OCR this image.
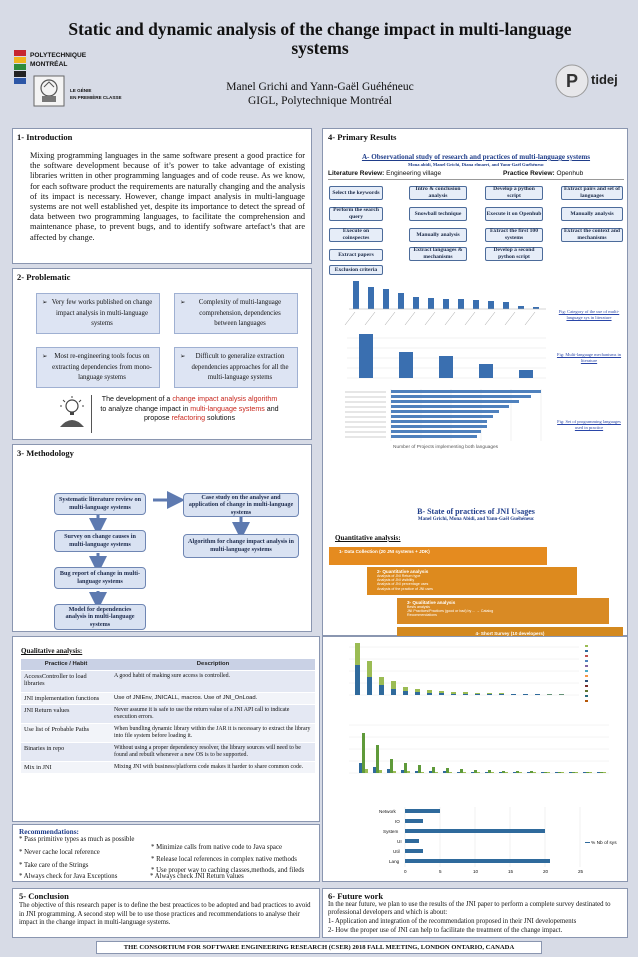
Static and dynamic analysis of the change impact in multi-language systems
POLYTECHNIQUE
MONTRÉAL
LE GÉNIE
EN PREMIÈRE CLASSE
Manel Grichi and Yann-Gaël Guéhéneuc
GIGL, Polytechnique Montréal
P tidej
1- Introduction
Mixing programming languages in the same software present a good practice for the software development because of it’s power to take advantage of existing libraries written in other programming languages and of code reuse. As we know, for each software product the requirements are naturally changing and the analysis of its impact is necessary. However, change impact analysis in multi-language systems are not well established yet, despite its importance to detect the spread of data between two programming languages, to facilitate the comprehension and maintenance phase, to prevent bugs, and to identify software artefact’s that are affected by change.
2- Problematic
➢ Very few works published on change impact analysis in multi-language systems
➢ Complexity of multi-language comprehension, dependencies between languages
➢ Most re-engineering tools focus on extracting dependencies from mono-language systems
➢ Difficult to generalize extraction dependencies approaches for all the multi-language systems
The development of a change impact analysis algorithm to analyze change impact in multi-language systems and propose refactoring solutions
3- Methodology
Systematic literature review on multi-language systems
Survey on change causes in multi-language systems
Bug report of change in multi-language systems
Model for dependencies analysis in multi-language systems
Case study on the analyse and application of change in multi-language systems
Algorithm for change impact analysis in multi-language systems
4- Primary Results
A- Observational study of research and practices of multi-language systems
Mona abidi, Manel Grichi, Diana elmaeri, and Yann-Gaël Guéhéneuc
Literature Review: Engineering village	Practice Review: Openhub
Select the keywords
Perform the search query
Execute on coinspectes
Extract papers
Exclusion criteria
Intro & conclusion analysis
Snowball technique
Manually analysis
Extract languages & mechanisms
Develop a python script
Execute it on Openhub
Extract the first 100 systems
Develop a second python script
Extract pairs and set of languages
Manually analysis
Extract the context and mechanisms
Fig: Category of the use of multi-language sys in literature
Fig: Multi-language mechanisms in literature
Number of Projects implementing both languages
Fig: Set of programming languages used in practice
B- State of practices of JNI Usages
Manel Grichi, Mona Abidi, and Yann-Gaël Guéhéneuc
Quantitative analysis:
1- Data Collection (20 JNI systems + JDK)
2- Quantitative analysis
Analysis of JNI Return type
Analysis of JNI visibility
Analysis of JNI percentage uses
Analysis of the practice of JNI uses
3- Qualitative analysis
Bests analysis
JNI Practices/Practices (good or bad) by ... → Catalog
Recommendations
4- Short Survey (10 developers)
Qualitative analysis:
Practice / Habit	Description
AccessController to load libraries	A good habit of making sure access is controlled.
JNI implementation functions	Use of JNIEnv, JNICALL, macros. Use of JNI_OnLoad.
JNI Return values	Never assume it is safe to use the return value of a JNI API call to indicate execution errors.
Use list of Probable Paths	When bundling dynamic library within the JAR it is necessary to extract the library into file system before loading it.
Binaries in repo	Without using a proper dependency resolver, the library sources will need to be found and rebuilt whenever a new OS is to be supported.
Mix in JNI	Mixing JNI with business/platform code makes it harder to share common code.
Network
IO
System
UI
Util
Lang
0	5	10	15	20	25
% Nb of sys
Recommendations:
* Pass primitive types as much as possible
* Never cache local reference
* Take care of the Strings
* Always check for Java Exceptions
* Minimize calls from native code to Java space
* Release local references in complex native methods
* Use proper way to caching classes,methods, and fileds
* Always check JNI Return values
5- Conclusion
The objective of this research paper is to define the best preactices to be adopted and bad practices to avoid in JNI programming. A second step will be to use those practices and recommendations to analyse their impact in the change impact in multi-language systems.
6- Future work
In the near future, we plan to use the results of the JNI paper to perform a complete survey destinated to professional developers and which is about:
1- Application and integration of the recommendation proposed in their JNI developements
2- How the proper use of JNI can help to facilitate the treatment of the change impact.
THE CONSORTIUM FOR SOFTWARE ENGINEERING RESEARCH (CSER) 2018 FALL MEETING, LONDON ONTARIO, CANADA
